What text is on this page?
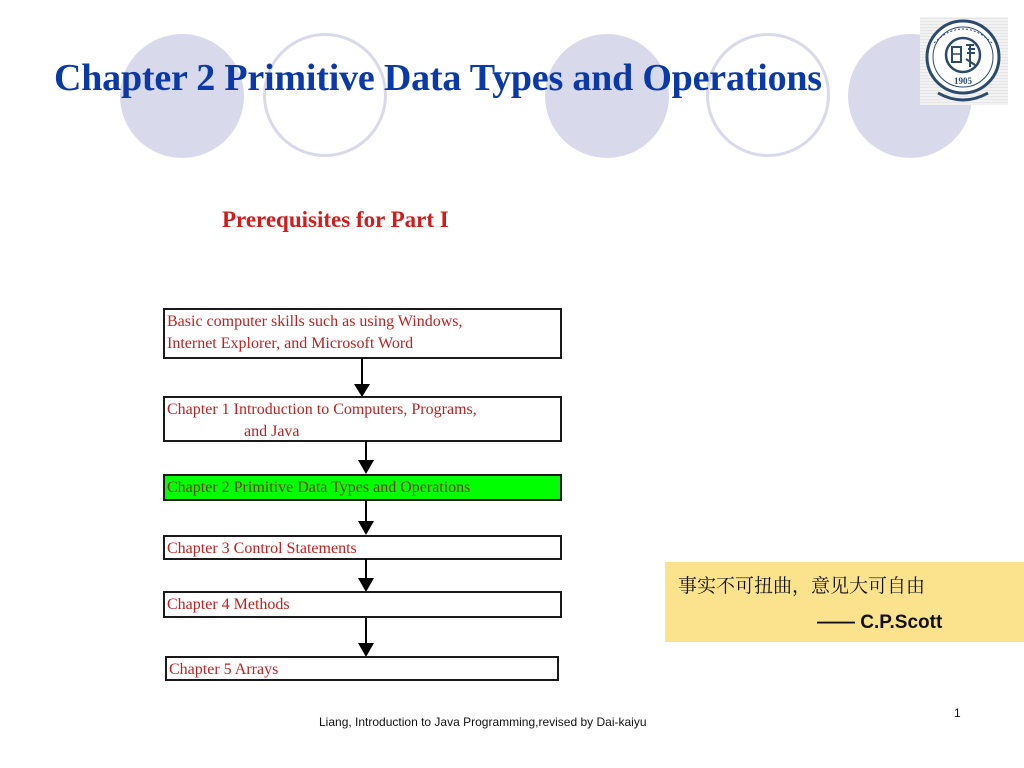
Chapter 2 Primitive Data Types and Operations	1905
Prerequisites for Part I
Basic computer skills such as using Windows,
Internet Explorer, and Microsoft Word
Chapter 1 Introduction to Computers, Programs,
and Java
Chapter 2 Primitive Data Types and Operations
Chapter 3 Control Statements
Chapter 4 Methods
Chapter 5 Arrays
事实不可扭曲，意见大可自由
—— C.P.Scott
Liang, Introduction to Java Programming,revised by Dai-kaiyu
1
